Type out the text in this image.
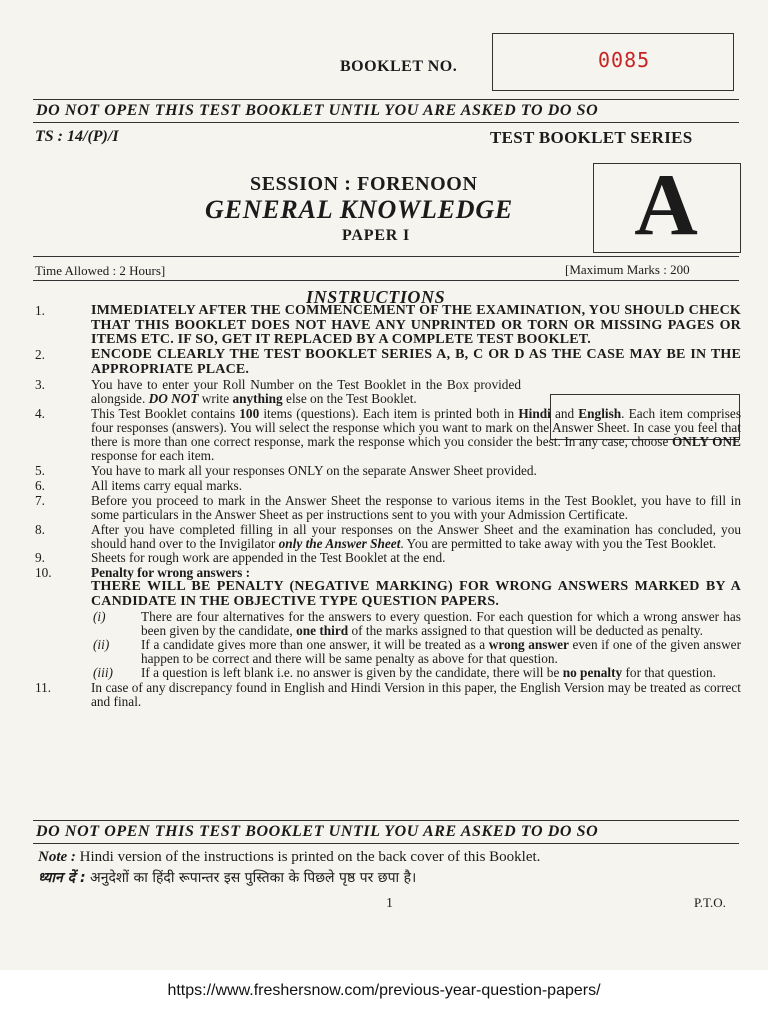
BOOKLET NO.	0085
DO NOT OPEN THIS TEST BOOKLET UNTIL YOU ARE ASKED TO DO SO
TS : 14/(P)/I	TEST BOOKLET SERIES
SESSION : FORENOON
GENERAL KNOWLEDGE
PAPER I	A
Time Allowed : 2 Hours]	[Maximum Marks : 200
INSTRUCTIONS
1.	IMMEDIATELY AFTER THE COMMENCEMENT OF THE EXAMINATION, YOU SHOULD CHECK THAT THIS BOOKLET DOES NOT HAVE ANY UNPRINTED OR TORN OR MISSING PAGES OR ITEMS ETC. IF SO, GET IT REPLACED BY A COMPLETE TEST BOOKLET.
2.	ENCODE CLEARLY THE TEST BOOKLET SERIES A, B, C OR D AS THE CASE MAY BE IN THE APPROPRIATE PLACE.
3.	You have to enter your Roll Number on the Test Booklet in the Box provided alongside. DO NOT write anything else on the Test Booklet.
4.	This Test Booklet contains 100 items (questions). Each item is printed both in Hindi and English. Each item comprises four responses (answers). You will select the response which you want to mark on the Answer Sheet. In case you feel that there is more than one correct response, mark the response which you consider the best. In any case, choose ONLY ONE response for each item.
5.	You have to mark all your responses ONLY on the separate Answer Sheet provided.
6.	All items carry equal marks.
7.	Before you proceed to mark in the Answer Sheet the response to various items in the Test Booklet, you have to fill in some particulars in the Answer Sheet as per instructions sent to you with your Admission Certificate.
8.	After you have completed filling in all your responses on the Answer Sheet and the examination has concluded, you should hand over to the Invigilator only the Answer Sheet. You are permitted to take away with you the Test Booklet.
9.	Sheets for rough work are appended in the Test Booklet at the end.
10.	Penalty for wrong answers :
THERE WILL BE PENALTY (NEGATIVE MARKING) FOR WRONG ANSWERS MARKED BY A CANDIDATE IN THE OBJECTIVE TYPE QUESTION PAPERS.
(i)	There are four alternatives for the answers to every question. For each question for which a wrong answer has been given by the candidate, one third of the marks assigned to that question will be deducted as penalty.
(ii)	If a candidate gives more than one answer, it will be treated as a wrong answer even if one of the given answer happen to be correct and there will be same penalty as above for that question.
(iii)	If a question is left blank i.e. no answer is given by the candidate, there will be no penalty for that question.
11.	In case of any discrepancy found in English and Hindi Version in this paper, the English Version may be treated as correct and final.
DO NOT OPEN THIS TEST BOOKLET UNTIL YOU ARE ASKED TO DO SO
Note : Hindi version of the instructions is printed on the back cover of this Booklet.
ध्यान दें : अनुदेशों का हिंदी रूपान्तर इस पुस्तिका के पिछले पृष्ठ पर छपा है।
1	P.T.O.
https://www.freshersnow.com/previous-year-question-papers/
